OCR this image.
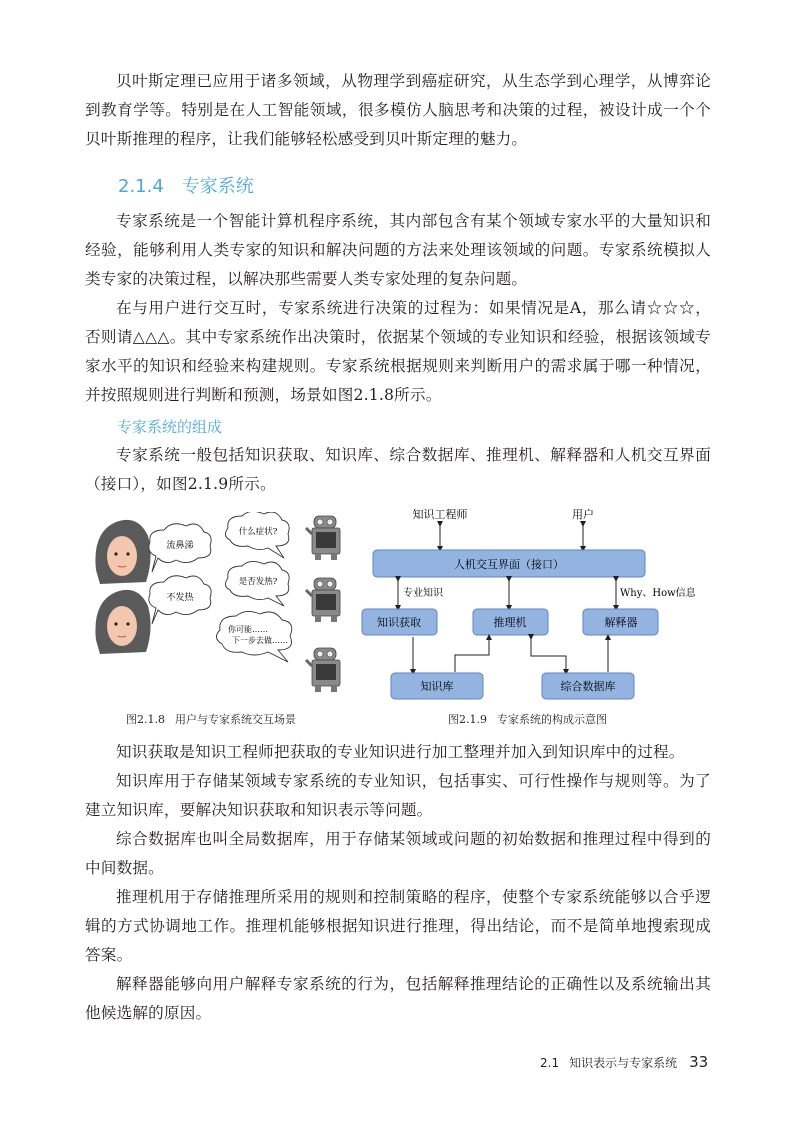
贝叶斯定理已应用于诸多领域，从物理学到癌症研究，从生态学到心理学，从博弈论到教育学等。特别是在人工智能领域，很多模仿人脑思考和决策的过程，被设计成一个个贝叶斯推理的程序，让我们能够轻松感受到贝叶斯定理的魅力。

2.1.4 专家系统

专家系统是一个智能计算机程序系统，其内部包含有某个领域专家水平的大量知识和经验，能够利用人类专家的知识和解决问题的方法来处理该领域的问题。专家系统模拟人类专家的决策过程，以解决那些需要人类专家处理的复杂问题。

在与用户进行交互时，专家系统进行决策的过程为：如果情况是A，那么请☆☆☆，否则请△△△。其中专家系统作出决策时，依据某个领域的专业知识和经验，根据该领域专家水平的知识和经验来构建规则。专家系统根据规则来判断用户的需求属于哪一种情况，并按照规则进行判断和预测，场景如图2.1.8所示。

专家系统的组成

专家系统一般包括知识获取、知识库、综合数据库、推理机、解释器和人机交互界面（接口），如图2.1.9所示。

流鼻涕
不发热
什么症状?
是否发热?
你可能……
下一步去做……
知识工程师	用户
人机交互界面（接口）
专业知识	Why、How信息
知识获取	推理机	解释器
知识库	综合数据库
图2.1.8 用户与专家系统交互场景	图2.1.9 专家系统的构成示意图

知识获取是知识工程师把获取的专业知识进行加工整理并加入到知识库中的过程。

知识库用于存储某领域专家系统的专业知识，包括事实、可行性操作与规则等。为了建立知识库，要解决知识获取和知识表示等问题。

综合数据库也叫全局数据库，用于存储某领域或问题的初始数据和推理过程中得到的中间数据。

推理机用于存储推理所采用的规则和控制策略的程序，使整个专家系统能够以合乎逻辑的方式协调地工作。推理机能够根据知识进行推理，得出结论，而不是简单地搜索现成答案。

解释器能够向用户解释专家系统的行为，包括解释推理结论的正确性以及系统输出其他候选解的原因。

2.1 知识表示与专家系统 33
